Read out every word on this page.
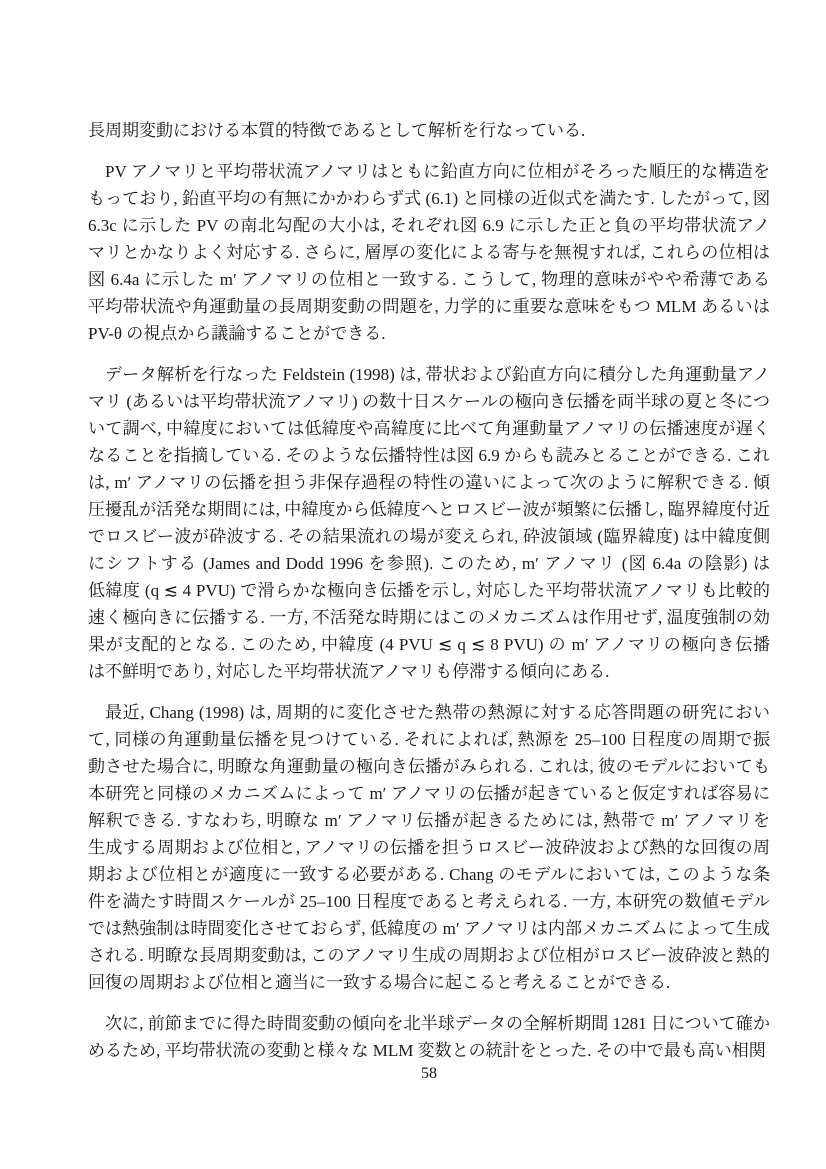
長周期変動における本質的特徴であるとして解析を行なっている.
PV アノマリと平均帯状流アノマリはともに鉛直方向に位相がそろった順圧的な構造を
もっており, 鉛直平均の有無にかかわらず式 (6.1) と同様の近似式を満たす. したがって, 図
6.3c に示した PV の南北勾配の大小は, それぞれ図 6.9 に示した正と負の平均帯状流アノ
マリとかなりよく対応する. さらに, 層厚の変化による寄与を無視すれば, これらの位相は
図 6.4a に示した m′ アノマリの位相と一致する. こうして, 物理的意味がやや希薄である
平均帯状流や角運動量の長周期変動の問題を, 力学的に重要な意味をもつ MLM あるいは
PV-θ の視点から議論することができる.
データ解析を行なった Feldstein (1998) は, 帯状および鉛直方向に積分した角運動量アノ
マリ (あるいは平均帯状流アノマリ) の数十日スケールの極向き伝播を両半球の夏と冬につ
いて調べ, 中緯度においては低緯度や高緯度に比べて角運動量アノマリの伝播速度が遅く
なることを指摘している. そのような伝播特性は図 6.9 からも読みとることができる. これ
は, m′ アノマリの伝播を担う非保存過程の特性の違いによって次のように解釈できる. 傾
圧擾乱が活発な期間には, 中緯度から低緯度へとロスビー波が頻繁に伝播し, 臨界緯度付近
でロスビー波が砕波する. その結果流れの場が変えられ, 砕波領域 (臨界緯度) は中緯度側
にシフトする (James and Dodd 1996 を参照). このため, m′ アノマリ (図 6.4a の陰影) は
低緯度 (q ≲ 4 PVU) で滑らかな極向き伝播を示し, 対応した平均帯状流アノマリも比較的
速く極向きに伝播する. 一方, 不活発な時期にはこのメカニズムは作用せず, 温度強制の効
果が支配的となる. このため, 中緯度 (4 PVU ≲ q ≲ 8 PVU) の m′ アノマリの極向き伝播
は不鮮明であり, 対応した平均帯状流アノマリも停滞する傾向にある.
最近, Chang (1998) は, 周期的に変化させた熱帯の熱源に対する応答問題の研究におい
て, 同様の角運動量伝播を見つけている. それによれば, 熱源を 25–100 日程度の周期で振
動させた場合に, 明瞭な角運動量の極向き伝播がみられる. これは, 彼のモデルにおいても
本研究と同様のメカニズムによって m′ アノマリの伝播が起きていると仮定すれば容易に
解釈できる. すなわち, 明瞭な m′ アノマリ伝播が起きるためには, 熱帯で m′ アノマリを
生成する周期および位相と, アノマリの伝播を担うロスビー波砕波および熱的な回復の周
期および位相とが適度に一致する必要がある. Chang のモデルにおいては, このような条
件を満たす時間スケールが 25–100 日程度であると考えられる. 一方, 本研究の数値モデル
では熱強制は時間変化させておらず, 低緯度の m′ アノマリは内部メカニズムによって生成
される. 明瞭な長周期変動は, このアノマリ生成の周期および位相がロスビー波砕波と熱的
回復の周期および位相と適当に一致する場合に起こると考えることができる.
次に, 前節までに得た時間変動の傾向を北半球データの全解析期間 1281 日について確か
めるため, 平均帯状流の変動と様々な MLM 変数との統計をとった. その中で最も高い相関
58
